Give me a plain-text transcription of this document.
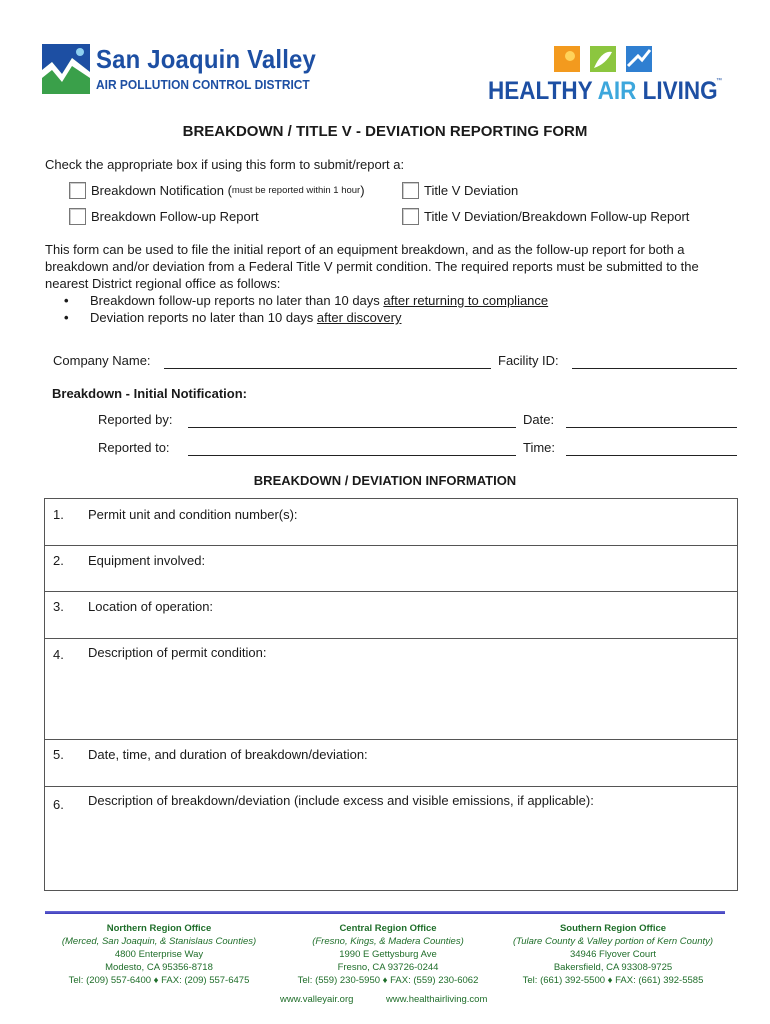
San Joaquin Valley
AIR POLLUTION CONTROL DISTRICT	HEALTHY AIR LIVING
™
BREAKDOWN / TITLE V - DEVIATION REPORTING FORM
Check the appropriate box if using this form to submit/report a:
Breakdown Notification ( must be reported within 1 hour )	Title V Deviation
Breakdown Follow-up Report	Title V Deviation/Breakdown Follow-up Report
This form can be used to file the initial report of an equipment breakdown, and as the follow-up report for both a breakdown and/or deviation from a Federal Title V permit condition. The required reports must be submitted to the nearest District regional office as follows:
• Breakdown follow-up reports no later than 10 days after returning to compliance
• Deviation reports no later than 10 days after discovery
Company Name:	Facility ID:
Breakdown - Initial Notification:
Reported by:	Date:
Reported to:	Time:
BREAKDOWN / DEVIATION INFORMATION
1. Permit unit and condition number(s):
2. Equipment involved:
3. Location of operation:
4. Description of permit condition:
5. Date, time, and duration of breakdown/deviation:
6. Description of breakdown/deviation (include excess and visible emissions, if applicable):
Northern Region Office
(Merced, San Joaquin, & Stanislaus Counties)
4800 Enterprise Way
Modesto, CA 95356-8718
Tel: (209) 557-6400 ♦ FAX: (209) 557-6475
Central Region Office
(Fresno, Kings, & Madera Counties)
1990 E Gettysburg Ave
Fresno, CA 93726-0244
Tel: (559) 230-5950 ♦ FAX: (559) 230-6062
Southern Region Office
(Tulare County & Valley portion of Kern County)
34946 Flyover Court
Bakersfield, CA 93308-9725
Tel: (661) 392-5500 ♦ FAX: (661) 392-5585
www.valleyair.org	www.healthairliving.com
